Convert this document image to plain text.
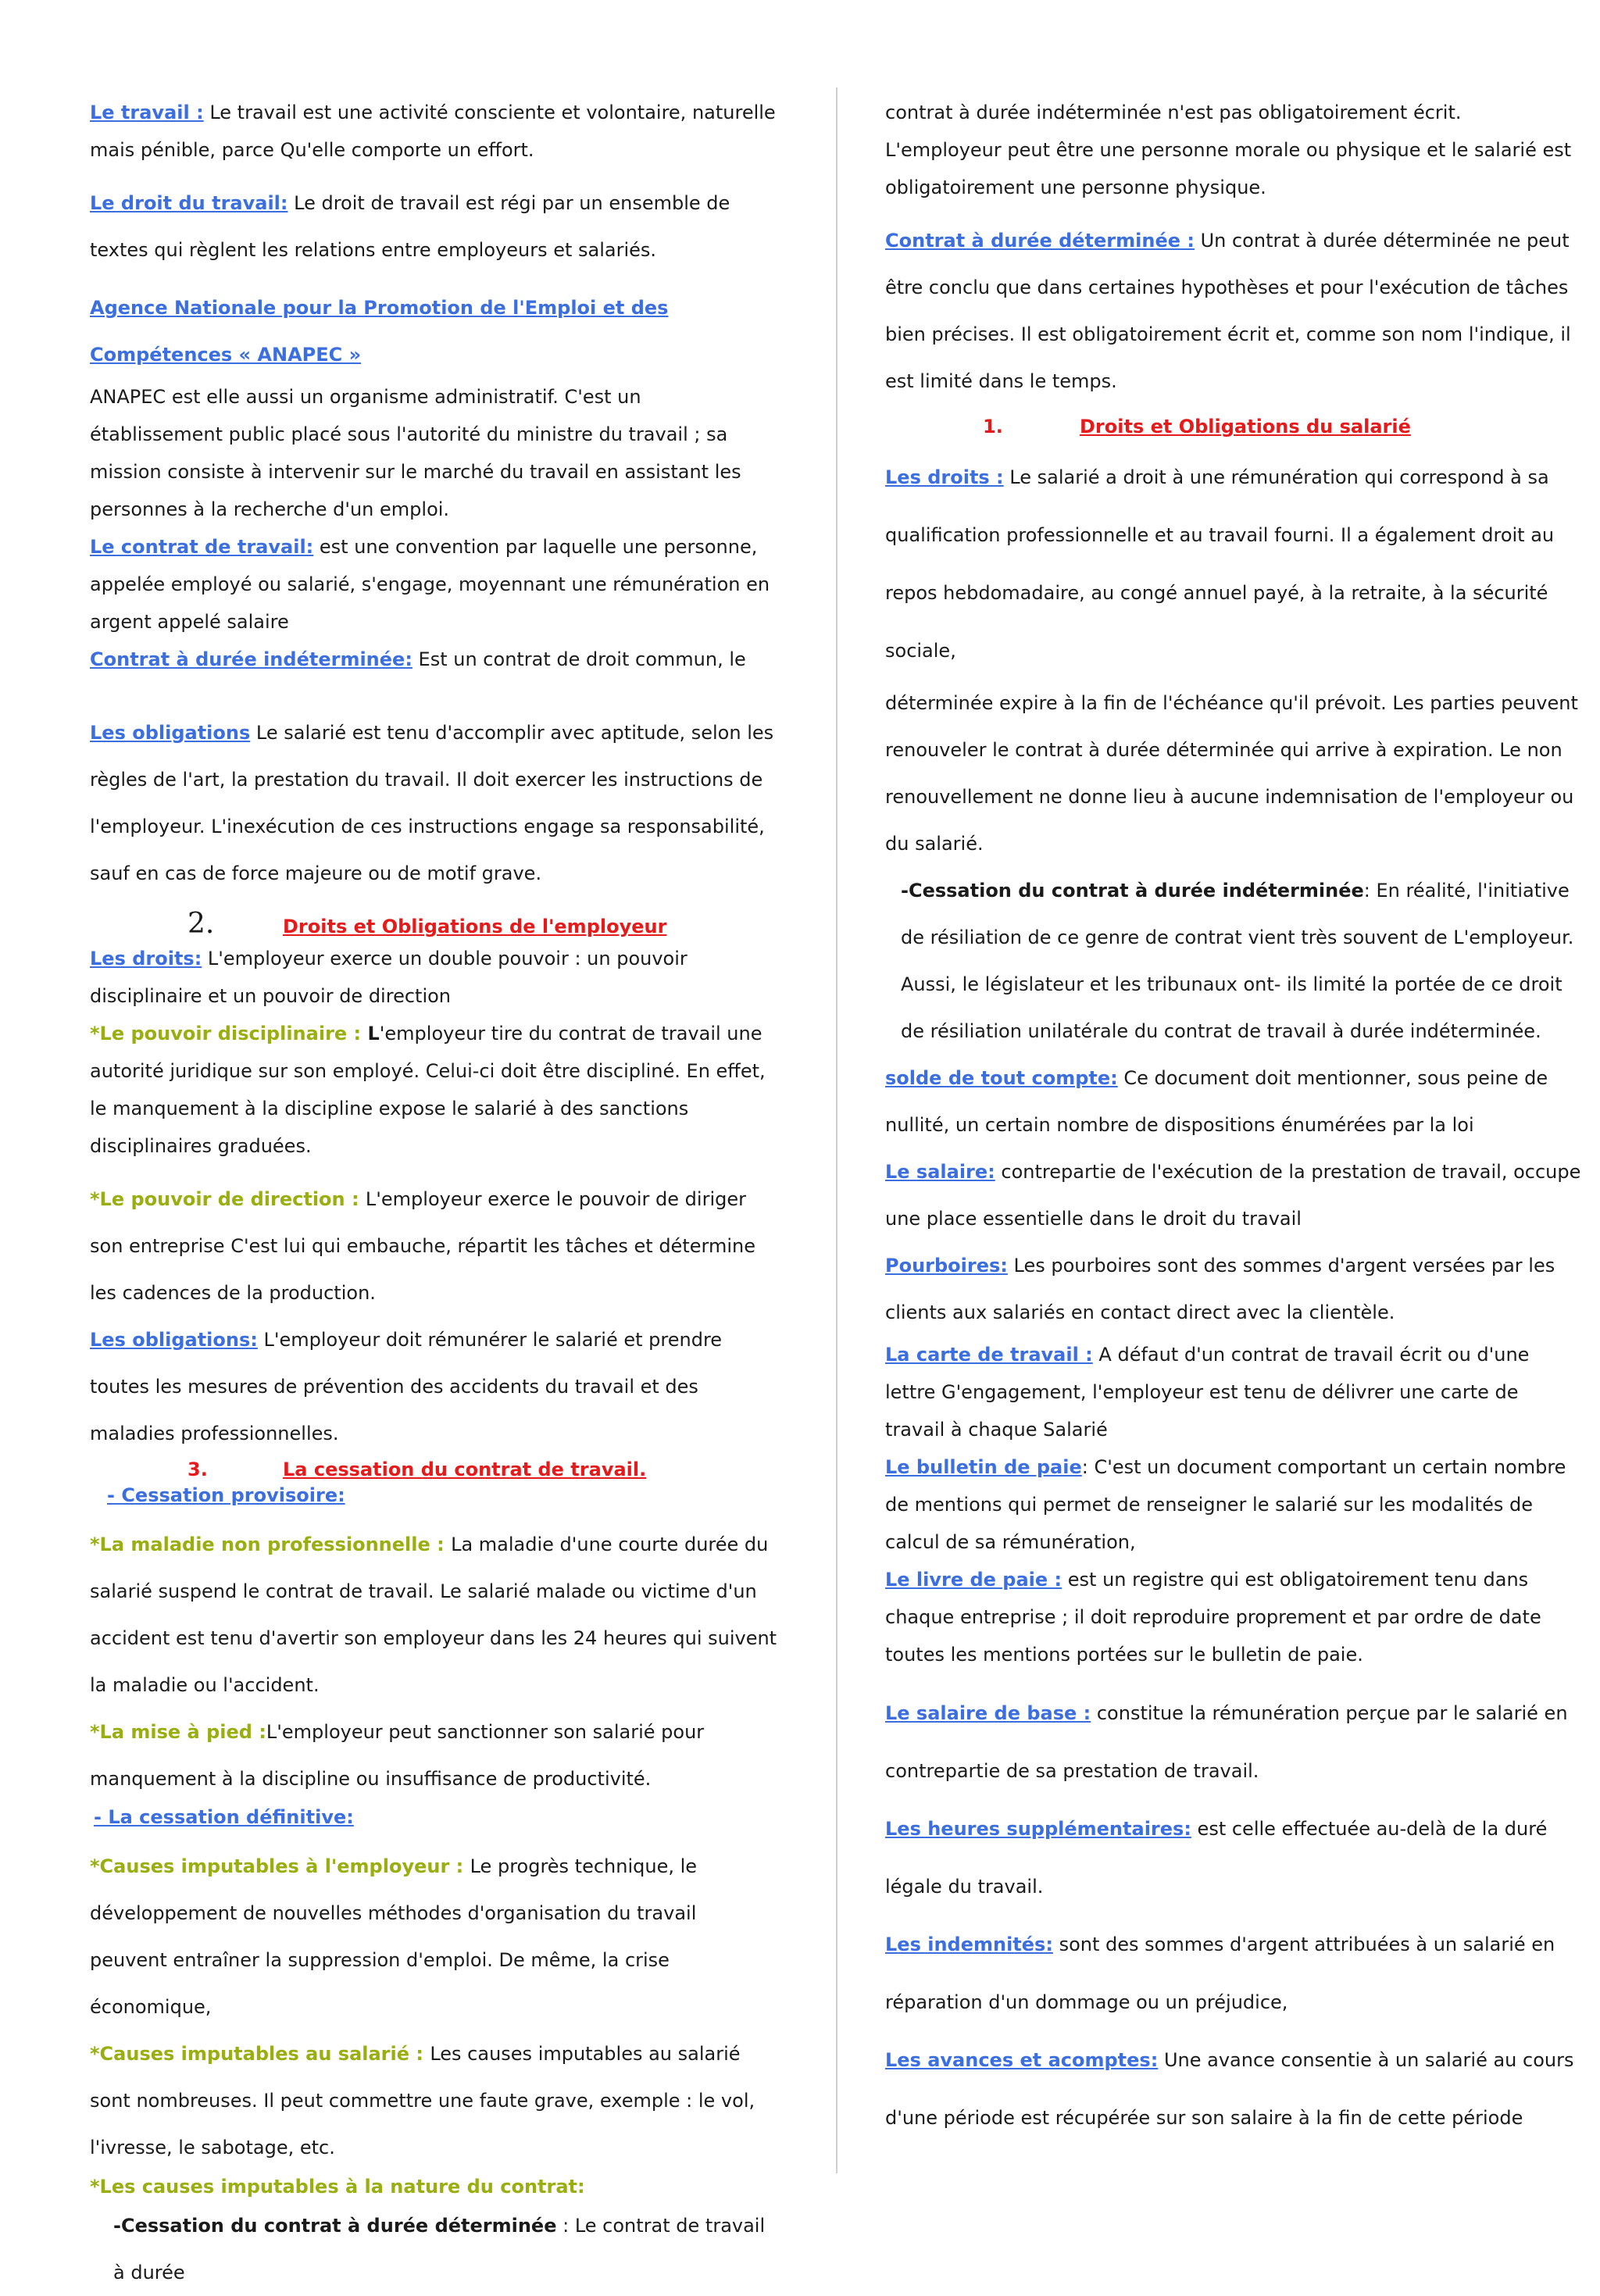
Le travail : Le travail est une activité consciente et volontaire, naturelle mais pénible, parce Qu'elle comporte un effort.

Le droit du travail: Le droit de travail est régi par un ensemble de textes qui règlent les relations entre employeurs et salariés.

Agence Nationale pour la Promotion de l'Emploi et des Compétences « ANAPEC »

ANAPEC est elle aussi un organisme administratif. C'est un établissement public placé sous l'autorité du ministre du travail ; sa mission consiste à intervenir sur le marché du travail en assistant les personnes à la recherche d'un emploi.

Le contrat de travail: est une convention par laquelle une personne, appelée employé ou salarié, s'engage, moyennant une rémunération en argent appelé salaire

Contrat à durée indéterminée: Est un contrat de droit commun, le

Les obligations Le salarié est tenu d'accomplir avec aptitude, selon les règles de l'art, la prestation du travail. Il doit exercer les instructions de l'employeur. L'inexécution de ces instructions engage sa responsabilité, sauf en cas de force majeure ou de motif grave.

2.	Droits et Obligations de l'employeur

Les droits: L'employeur exerce un double pouvoir : un pouvoir disciplinaire et un pouvoir de direction

*Le pouvoir disciplinaire : L'employeur tire du contrat de travail une autorité juridique sur son employé. Celui-ci doit être discipliné. En effet, le manquement à la discipline expose le salarié à des sanctions disciplinaires graduées.

*Le pouvoir de direction : L'employeur exerce le pouvoir de diriger son entreprise C'est lui qui embauche, répartit les tâches et détermine les cadences de la production.

Les obligations: L'employeur doit rémunérer le salarié et prendre toutes les mesures de prévention des accidents du travail et des maladies professionnelles.

3.	La cessation du contrat de travail.

- Cessation provisoire:

*La maladie non professionnelle : La maladie d'une courte durée du salarié suspend le contrat de travail. Le salarié malade ou victime d'un accident est tenu d'avertir son employeur dans les 24 heures qui suivent la maladie ou l'accident.

*La mise à pied :L'employeur peut sanctionner son salarié pour manquement à la discipline ou insuffisance de productivité.

- La cessation définitive:

*Causes imputables à l'employeur : Le progrès technique, le développement de nouvelles méthodes d'organisation du travail peuvent entraîner la suppression d'emploi. De même, la crise économique,

*Causes imputables au salarié : Les causes imputables au salarié sont nombreuses. Il peut commettre une faute grave, exemple : le vol, l'ivresse, le sabotage, etc.

*Les causes imputables à la nature du contrat:

-Cessation du contrat à durée déterminée : Le contrat de travail à durée

contrat à durée indéterminée n'est pas obligatoirement écrit.

L'employeur peut être une personne morale ou physique et le salarié est obligatoirement une personne physique.

Contrat à durée déterminée : Un contrat à durée déterminée ne peut être conclu que dans certaines hypothèses et pour l'exécution de tâches bien précises. Il est obligatoirement écrit et, comme son nom l'indique, il est limité dans le temps.

1.	Droits et Obligations du salarié

Les droits : Le salarié a droit à une rémunération qui correspond à sa qualification professionnelle et au travail fourni. Il a également droit au repos hebdomadaire, au congé annuel payé, à la retraite, à la sécurité sociale,

déterminée expire à la fin de l'échéance qu'il prévoit. Les parties peuvent renouveler le contrat à durée déterminée qui arrive à expiration. Le non renouvellement ne donne lieu à aucune indemnisation de l'employeur ou du salarié.

-Cessation du contrat à durée indéterminée: En réalité, l'initiative de résiliation de ce genre de contrat vient très souvent de L'employeur. Aussi, le législateur et les tribunaux ont- ils limité la portée de ce droit de résiliation unilatérale du contrat de travail à durée indéterminée.

solde de tout compte: Ce document doit mentionner, sous peine de nullité, un certain nombre de dispositions énumérées par la loi

Le salaire: contrepartie de l'exécution de la prestation de travail, occupe une place essentielle dans le droit du travail

Pourboires: Les pourboires sont des sommes d'argent versées par les clients aux salariés en contact direct avec la clientèle.

La carte de travail : A défaut d'un contrat de travail écrit ou d'une lettre G'engagement, l'employeur est tenu de délivrer une carte de travail à chaque Salarié

Le bulletin de paie: C'est un document comportant un certain nombre de mentions qui permet de renseigner le salarié sur les modalités de calcul de sa rémunération,

Le livre de paie : est un registre qui est obligatoirement tenu dans chaque entreprise ; il doit reproduire proprement et par ordre de date toutes les mentions portées sur le bulletin de paie.

Le salaire de base : constitue la rémunération perçue par le salarié en contrepartie de sa prestation de travail.

Les heures supplémentaires: est celle effectuée au-delà de la duré légale du travail.

Les indemnités: sont des sommes d'argent attribuées à un salarié en réparation d'un dommage ou un préjudice,

Les avances et acomptes: Une avance consentie à un salarié au cours d'une période est récupérée sur son salaire à la fin de cette période
